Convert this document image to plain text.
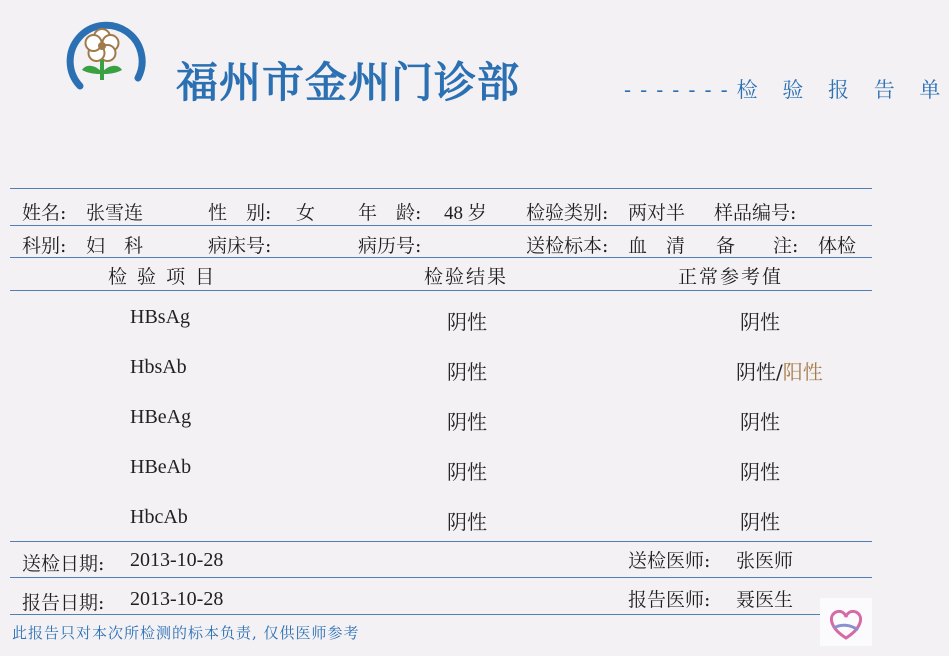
福州市金州门诊部	-------检 验 报 告 单
姓名: 张雪连	性　别: 女 年　龄: 48 岁 检验类别: 两对半 样品编号:
科别: 妇　科	病床号:	病历号:	送检标本: 血　清 备　　注: 体检
检 验 项 目	检验结果	正常参考值
HBsAg	阴性	阴性
HbsAb	阴性	阴性/阳性
HBeAg	阴性	阴性
HBeAb	阴性	阴性
HbcAb	阴性	阴性
送检日期: 2013-10-28	送检医师: 张医师
报告日期: 2013-10-28	报告医师: 聂医生
此报告只对本次所检测的标本负责, 仅供医师参考
